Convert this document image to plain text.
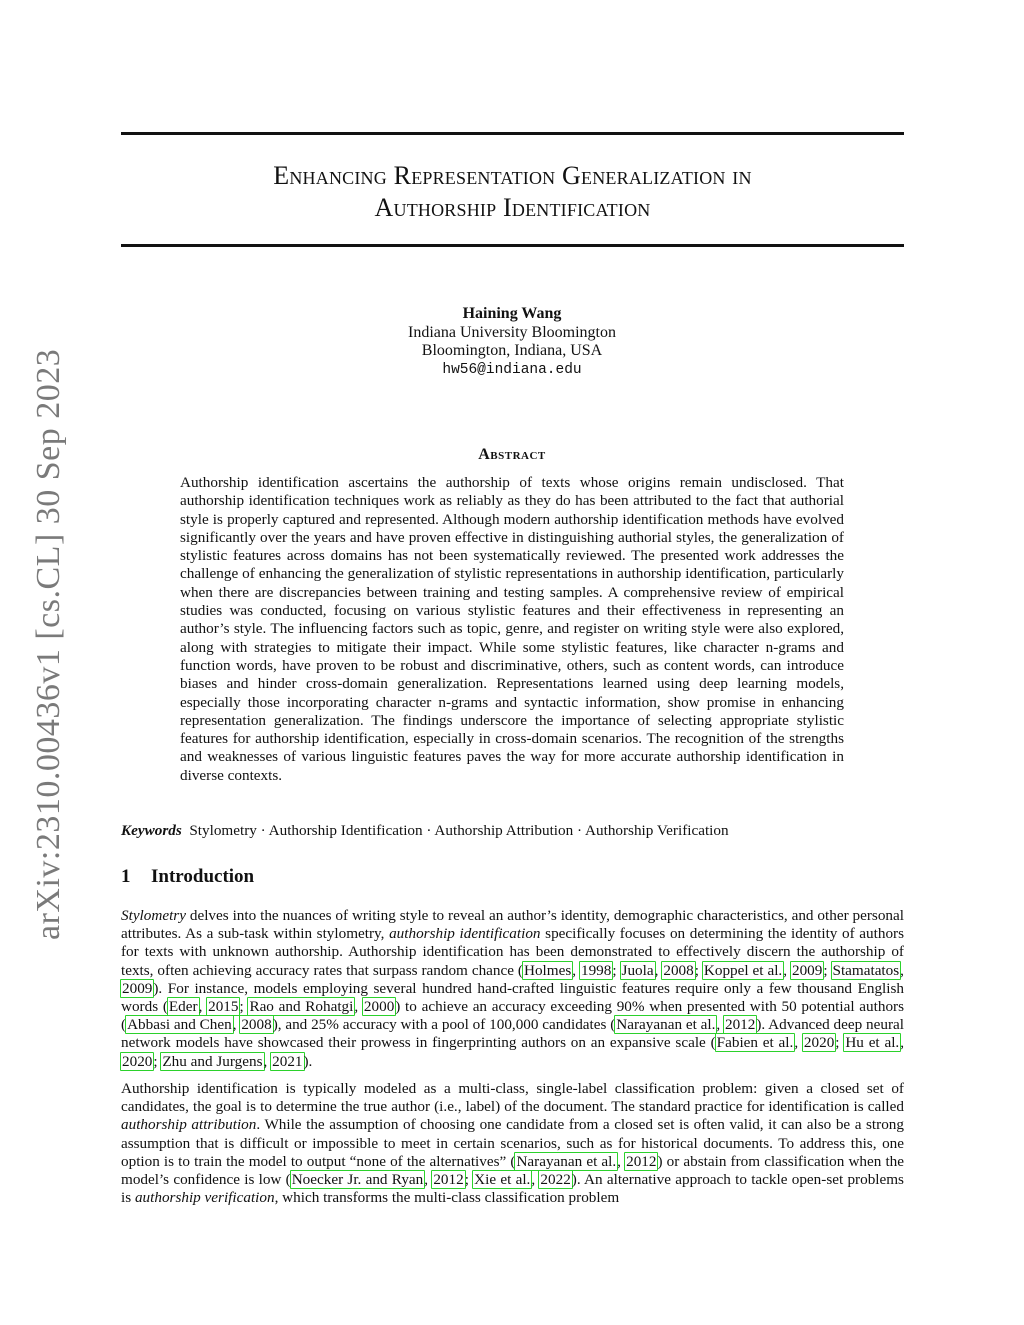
arXiv:2310.00436v1 [cs.CL] 30 Sep 2023
Enhancing Representation Generalization in
Authorship Identification
Haining Wang
Indiana University Bloomington
Bloomington, Indiana, USA
hw56@indiana.edu
Abstract
Authorship identification ascertains the authorship of texts whose origins remain undisclosed. That authorship identification techniques work as reliably as they do has been attributed to the fact that authorial style is properly captured and represented. Although modern authorship identification methods have evolved significantly over the years and have proven effective in distinguishing authorial styles, the generalization of stylistic features across domains has not been systematically reviewed. The presented work addresses the challenge of enhancing the generalization of stylistic representations in authorship identification, particularly when there are discrepancies between training and testing samples. A comprehensive review of empirical studies was conducted, focusing on various stylistic features and their effectiveness in representing an author’s style. The influencing factors such as topic, genre, and register on writing style were also explored, along with strategies to mitigate their impact. While some stylistic features, like character n-grams and function words, have proven to be robust and discriminative, others, such as content words, can introduce biases and hinder cross-domain generalization. Representations learned using deep learning models, especially those incorporating character n-grams and syntactic information, show promise in enhancing representation generalization. The findings underscore the importance of selecting appropriate stylistic features for authorship identification, especially in cross-domain scenarios. The recognition of the strengths and weaknesses of various linguistic features paves the way for more accurate authorship identification in diverse contexts.
Keywords Stylometry · Authorship Identification · Authorship Attribution · Authorship Verification
1 Introduction
Stylometry delves into the nuances of writing style to reveal an author’s identity, demographic characteristics, and other personal attributes. As a sub-task within stylometry, authorship identification specifically focuses on determining the identity of authors for texts with unknown authorship. Authorship identification has been demonstrated to effectively discern the authorship of texts, often achieving accuracy rates that surpass random chance (Holmes, 1998; Juola, 2008; Koppel et al., 2009; Stamatatos, 2009). For instance, models employing several hundred hand-crafted linguistic features require only a few thousand English words (Eder, 2015; Rao and Rohatgi, 2000) to achieve an accuracy exceeding 90% when presented with 50 potential authors (Abbasi and Chen, 2008), and 25% accuracy with a pool of 100,000 candidates (Narayanan et al., 2012). Advanced deep neural network models have showcased their prowess in fingerprinting authors on an expansive scale (Fabien et al., 2020; Hu et al., 2020; Zhu and Jurgens, 2021).
Authorship identification is typically modeled as a multi-class, single-label classification problem: given a closed set of candidates, the goal is to determine the true author (i.e., label) of the document. The standard practice for identification is called authorship attribution. While the assumption of choosing one candidate from a closed set is often valid, it can also be a strong assumption that is difficult or impossible to meet in certain scenarios, such as for historical documents. To address this, one option is to train the model to output “none of the alternatives” (Narayanan et al., 2012) or abstain from classification when the model’s confidence is low (Noecker Jr. and Ryan, 2012; Xie et al., 2022). An alternative approach to tackle open-set problems is authorship verification, which transforms the multi-class classification problem
